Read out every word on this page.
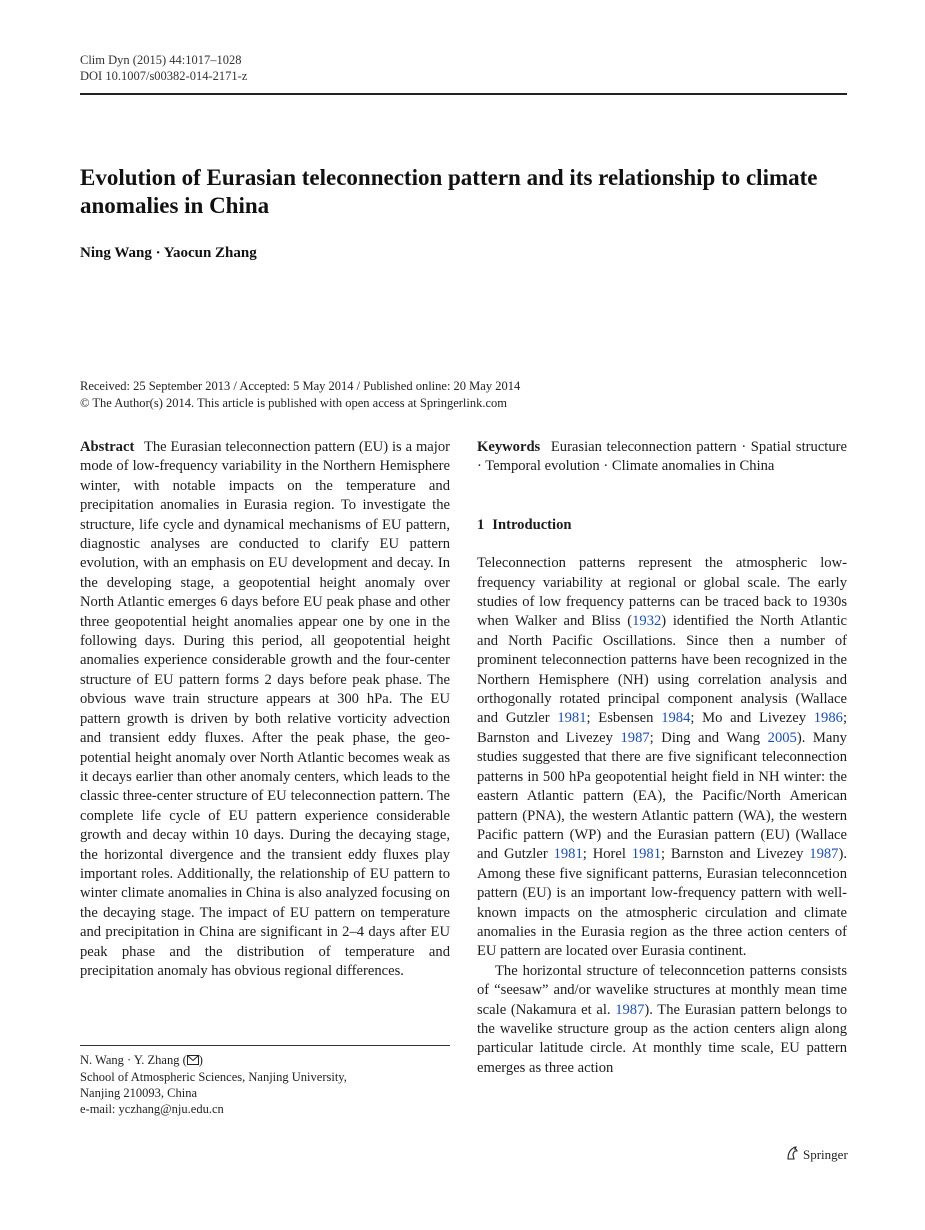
Clim Dyn (2015) 44:1017–1028
DOI 10.1007/s00382-014-2171-z
Evolution of Eurasian teleconnection pattern and its relationship to climate anomalies in China
Ning Wang · Yaocun Zhang
Received: 25 September 2013 / Accepted: 5 May 2014 / Published online: 20 May 2014
© The Author(s) 2014. This article is published with open access at Springerlink.com
Abstract The Eurasian teleconnection pattern (EU) is a major mode of low-frequency variability in the Northern Hemisphere winter, with notable impacts on the temperature and precipitation anomalies in Eurasia region. To investigate the structure, life cycle and dynamical mechanisms of EU pattern, diagnostic analyses are conducted to clarify EU pattern evolution, with an emphasis on EU development and decay. In the developing stage, a geopotential height anomaly over North Atlantic emerges 6 days before EU peak phase and other three geopotential height anomalies appear one by one in the following days. During this period, all geopotential height anomalies experience considerable growth and the four-center structure of EU pattern forms 2 days before peak phase. The obvious wave train structure appears at 300 hPa. The EU pattern growth is driven by both relative vorticity advection and transient eddy fluxes. After the peak phase, the geopotential height anomaly over North Atlantic becomes weak as it decays earlier than other anomaly centers, which leads to the classic three-center structure of EU teleconnection pattern. The complete life cycle of EU pattern experience considerable growth and decay within 10 days. During the decaying stage, the horizontal divergence and the transient eddy fluxes play important roles. Additionally, the relationship of EU pattern to winter climate anomalies in China is also analyzed focusing on the decaying stage. The impact of EU pattern on temperature and precipitation in China are significant in 2–4 days after EU peak phase and the distribution of temperature and precipitation anomaly has obvious regional differences.
Keywords Eurasian teleconnection pattern · Spatial structure · Temporal evolution · Climate anomalies in China
1 Introduction

Teleconnection patterns represent the atmospheric low-frequency variability at regional or global scale. The early studies of low frequency patterns can be traced back to 1930s when Walker and Bliss (1932) identified the North Atlantic and North Pacific Oscillations. Since then a number of prominent teleconnection patterns have been recognized in the Northern Hemisphere (NH) using correlation analysis and orthogonally rotated principal component analysis (Wallace and Gutzler 1981; Esbensen 1984; Mo and Livezey 1986; Barnston and Livezey 1987; Ding and Wang 2005). Many studies suggested that there are five significant teleconnection patterns in 500 hPa geopotential height field in NH winter: the eastern Atlantic pattern (EA), the Pacific/North American pattern (PNA), the western Atlantic pattern (WA), the western Pacific pattern (WP) and the Eurasian pattern (EU) (Wallace and Gutzler 1981; Horel 1981; Barnston and Livezey 1987). Among these five significant patterns, Eurasian teleconncetion pattern (EU) is an important low-frequency pattern with well-known impacts on the atmospheric circulation and climate anomalies in the Eurasia region as the three action centers of EU pattern are located over Eurasia continent.

The horizontal structure of teleconncetion patterns consists of “seesaw” and/or wavelike structures at monthly mean time scale (Nakamura et al. 1987). The Eurasian pattern belongs to the wavelike structure group as the action centers align along particular latitude circle. At monthly time scale, EU pattern emerges as three action

N. Wang · Y. Zhang ( )
School of Atmospheric Sciences, Nanjing University,
Nanjing 210093, China
e-mail: yczhang@nju.edu.cn
Springer
